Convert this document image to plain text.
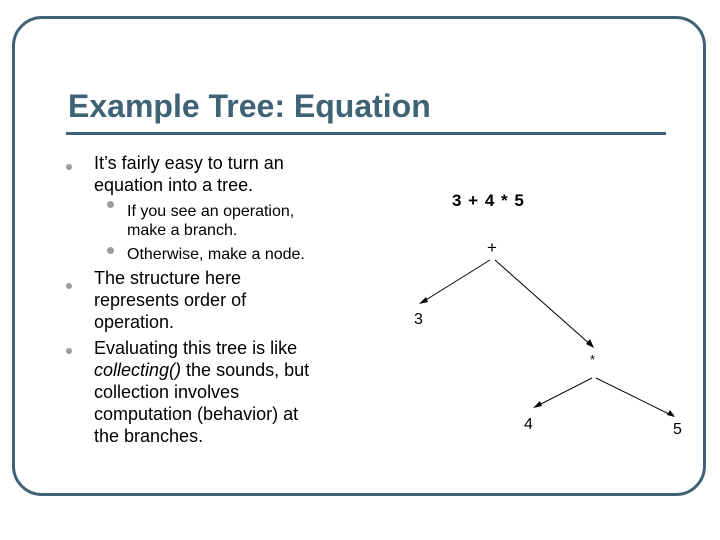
Example Tree: Equation
It’s fairly easy to turn an
equation into a tree.
If you see an operation,
make a branch.
Otherwise, make a node.
The structure here
represents order of
operation.
Evaluating this tree is like
collecting() the sounds, but
collection involves
computation (behavior) at
the branches.
3 + 4 * 5
+
3
*
4	5
